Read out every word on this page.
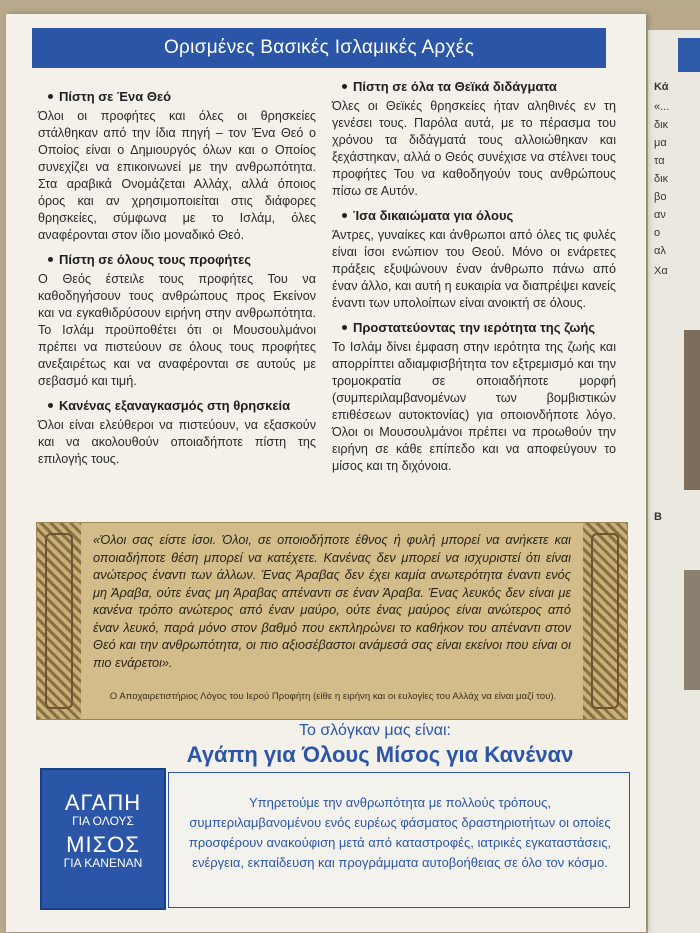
Κά
«...
δικ
μα
τα
δικ
βο
αν
ο
αλ
Χα
Β
Ορισμένες Βασικές Ισλαμικές Αρχές
Πίστη σε Ένα Θεό

Όλοι οι προφήτες και όλες οι θρησκείες στάλθηκαν από την ίδια πηγή – τον Ένα Θεό ο Οποίος είναι ο Δημιουργός όλων και ο Οποίος συνεχίζει να επικοινωνεί με την ανθρωπότητα. Στα αραβικά Ονομάζεται Αλλάχ, αλλά όποιος όρος και αν χρησιμοποιείται στις διάφορες θρησκείες, σύμφωνα με το Ισλάμ, όλες αναφέρονται στον ίδιο μοναδικό Θεό.

Πίστη σε όλους τους προφήτες

Ο Θεός έστειλε τους προφήτες Του να καθοδηγήσουν τους ανθρώπους προς Εκείνον και να εγκαθιδρύσουν ειρήνη στην ανθρωπότητα. Το Ισλάμ προϋποθέτει ότι οι Μουσουλμάνοι πρέπει να πιστεύουν σε όλους τους προφήτες ανεξαιρέτως και να αναφέρονται σε αυτούς με σεβασμό και τιμή.

Κανένας εξαναγκασμός στη θρησκεία

Όλοι είναι ελεύθεροι να πιστεύουν, να εξασκούν και να ακολουθούν οποιαδήποτε πίστη της επιλογής τους.

Πίστη σε όλα τα Θεϊκά διδάγματα

Όλες οι Θεϊκές θρησκείες ήταν αληθινές εν τη γενέσει τους. Παρόλα αυτά, με το πέρασμα του χρόνου τα διδάγματά τους αλλοιώθηκαν και ξεχάστηκαν, αλλά ο Θεός συνέχισε να στέλνει τους προφήτες Του να καθοδηγούν τους ανθρώπους πίσω σε Αυτόν.

Ίσα δικαιώματα για όλους

Άντρες, γυναίκες και άνθρωποι από όλες τις φυλές είναι ίσοι ενώπιον του Θεού. Μόνο οι ενάρετες πράξεις εξυψώνουν έναν άνθρωπο πάνω από έναν άλλο, και αυτή η ευκαιρία να διαπρέψει κανείς έναντι των υπολοίπων είναι ανοικτή σε όλους.

Προστατεύοντας την ιερότητα της ζωής

Το Ισλάμ δίνει έμφαση στην ιερότητα της ζωής και απορρίπτει αδιαμφισβήτητα τον εξτρεμισμό και την τρομοκρατία σε οποιαδήποτε μορφή (συμπεριλαμβανομένων των βομβιστικών επιθέσεων αυτοκτονίας) για οποιονδήποτε λόγο. Όλοι οι Μουσουλμάνοι πρέπει να προωθούν την ειρήνη σε κάθε επίπεδο και να αποφεύγουν το μίσος και τη διχόνοια.

«Όλοι σας είστε ίσοι. Όλοι, σε οποιοδήποτε έθνος ή φυλή μπορεί να ανήκετε και οποιαδήποτε θέση μπορεί να κατέχετε. Κανένας δεν μπορεί να ισχυριστεί ότι είναι ανώτερος έναντι των άλλων. Ένας Άραβας δεν έχει καμία ανωτερότητα έναντι ενός μη Άραβα, ούτε ένας μη Άραβας απέναντι σε έναν Άραβα. Ένας λευκός δεν είναι με κανένα τρόπο ανώτερος από έναν μαύρο, ούτε ένας μαύρος είναι ανώτερος από έναν λευκό, παρά μόνο στον βαθμό που εκπληρώνει το καθήκον του απέναντι στον Θεό και την ανθρωπότητα, οι πιο αξιοσέβαστοι ανάμεσά σας είναι εκείνοι που είναι οι πιο ενάρετοι».
Ο Αποχαιρετιστήριος Λόγος του Ιερού Προφήτη (είθε η ειρήνη και οι ευλογίες του Αλλάχ να είναι μαζί του).
Το σλόγκαν μας είναι:
Αγάπη για Όλους Μίσος για Κανέναν
ΑΓΑΠΗ
ΓΙΑ ΟΛΟΥΣ
ΜΙΣΟΣ
ΓΙΑ ΚΑΝΕΝΑΝ
Υπηρετούμε την ανθρωπότητα με πολλούς τρόπους, συμπεριλαμβανομένου ενός ευρέως φάσματος δραστηριοτήτων οι οποίες προσφέρουν ανακούφιση μετά από καταστροφές, ιατρικές εγκαταστάσεις, ενέργεια, εκπαίδευση και προγράμματα αυτοβοήθειας σε όλο τον κόσμο.
